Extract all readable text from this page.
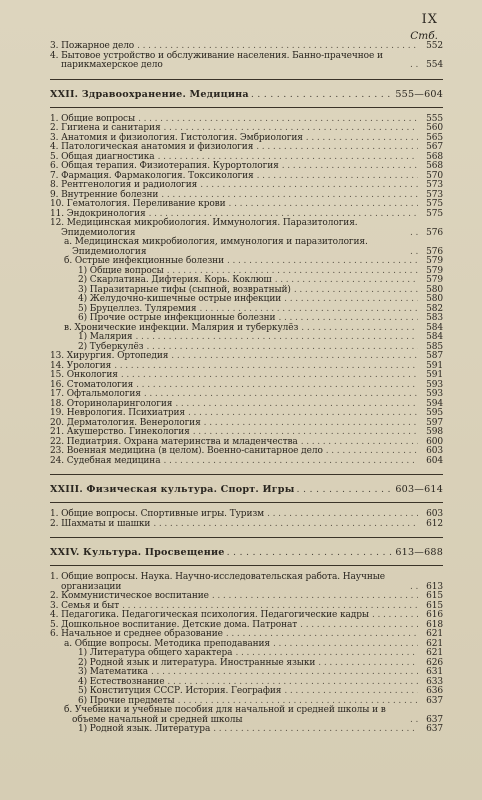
IX
Стб.
3. Пожарное дело . . .	552
4. Бытовое устройство и обслуживание населения. Банно-прачечное и парикмахерское дело . . .	554
XXII. Здравоохранение. Медицина . . .	555—604
1. Общие вопросы . . .	555
2. Гигиена и санитария . . .	560
3. Анатомия и физиология. Гистология. Эмбриология . . .	565
4. Патологическая анатомия и физиология . . .	567
5. Общая диагностика . . .	568
6. Общая терапия. Физиотерапия. Курортология . . .	568
7. Фармация. Фармакология. Токсикология . . .	570
8. Рентгенология и радиология . . .	573
9. Внутренние болезни . . .	573
10. Гематология. Переливание крови . . .	575
11. Эндокринология . . .	575
12. Медицинская микробиология. Иммунология. Паразитология. Эпидемиология . . .	576
а. Медицинская микробиология, иммунология и паразитология. Эпидемиология . . .	576
б. Острые инфекционные болезни . . .	579
1) Общие вопросы . . .	579
2) Скарлатина. Дифтерия. Корь. Коклюш . . .	579
3) Паразитарные тифы (сыпной, возвратный) . . .	580
4) Желудочно-кишечные острые инфекции . . .	580
5) Бруцеллез. Туляремия . . .	582
6) Прочие острые инфекционные болезни . . .	583
в. Хронические инфекции. Малярия и туберкулёз . . .	584
1) Малярия . . .	584
2) Туберкулёз . . .	585
13. Хирургия. Ортопедия . . .	587
14. Урология . . .	591
15. Онкология . . .	591
16. Стоматология . . .	593
17. Офтальмология . . .	593
18. Оториноларингология . . .	594
19. Неврология. Психиатрия . . .	595
20. Дерматология. Венерология . . .	597
21. Акушерство. Гинекология . . .	598
22. Педиатрия. Охрана материнства и младенчества . . .	600
23. Военная медицина (в целом). Военно-санитарное дело . . .	603
24. Судебная медицина . . .	604
XXIII. Физическая культура. Спорт. Игры . . .	603—614
1. Общие вопросы. Спортивные игры. Туризм . . .	603
2. Шахматы и шашки . . .	612
XXIV. Культура. Просвещение . . .	613—688
1. Общие вопросы. Наука. Научно-исследовательская работа. Научные организации . . .	613
2. Коммунистическое воспитание . . .	615
3. Семья и быт . . .	615
4. Педагогика. Педагогическая психология. Педагогические кадры . . .	616
5. Дошкольное воспитание. Детские дома. Патронат . . .	618
6. Начальное и среднее образование . . .	621
а. Общие вопросы. Методика преподавания . . .	621
1) Литература общего характера . . .	621
2) Родной язык и литература. Иностранные языки . . .	626
3) Математика . . .	631
4) Естествознание . . .	633
5) Конституция СССР. История. География . . .	636
6) Прочие предметы . . .	637
б. Учебники и учебные пособия для начальной и средней школы и в объеме начальной и средней школы . . .	637
1) Родной язык. Литература . . .	637
